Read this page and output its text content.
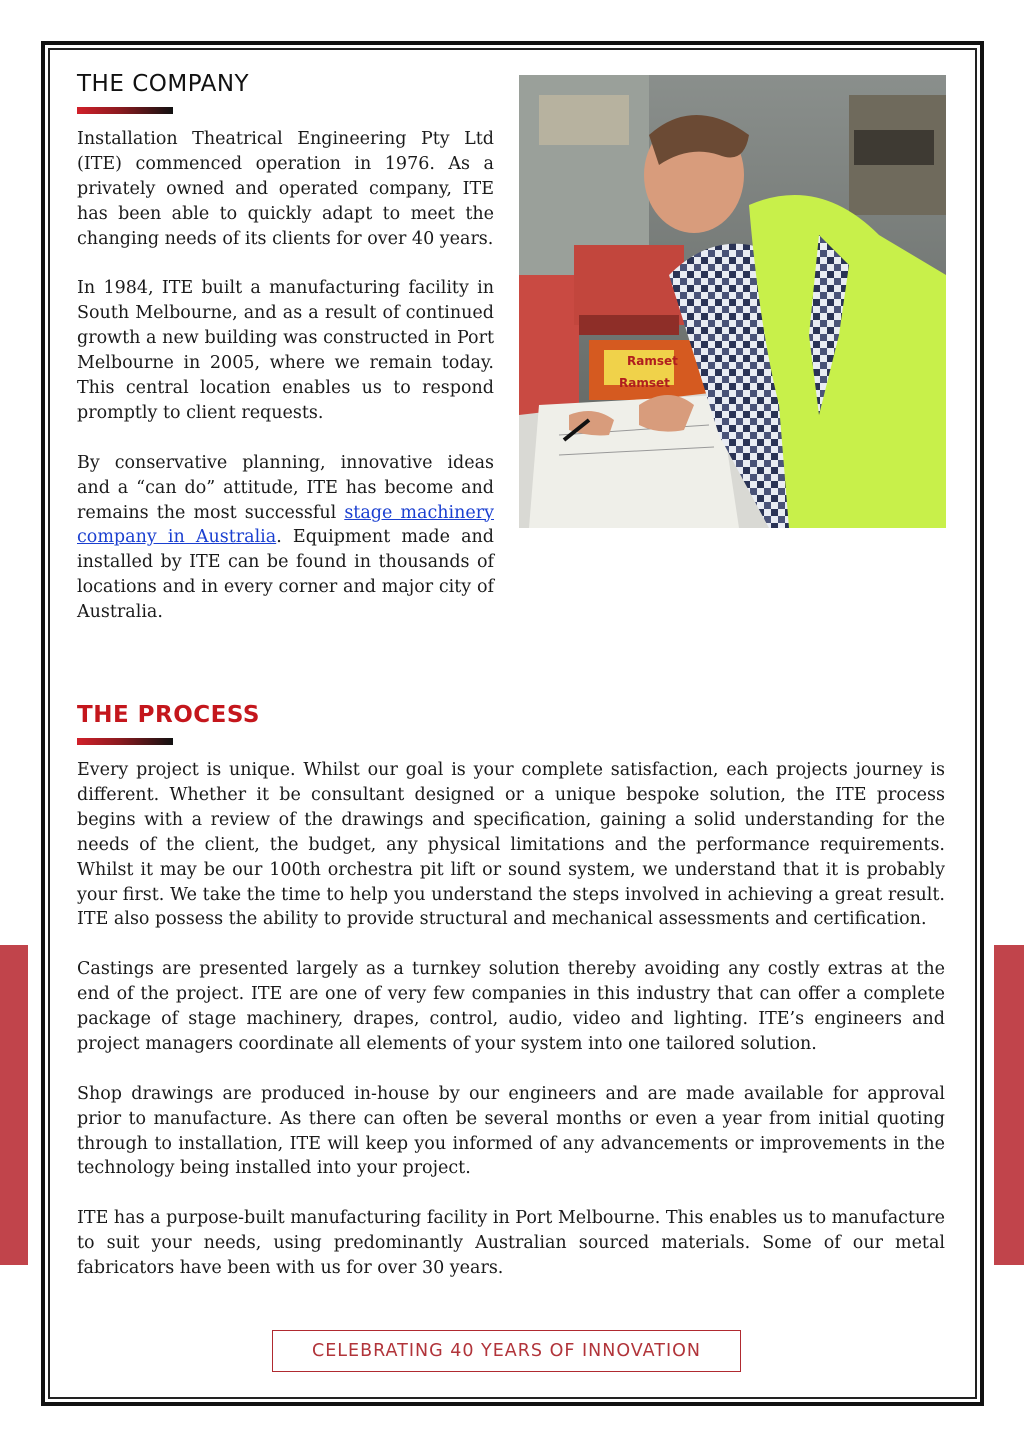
THE COMPANY

Installation Theatrical Engineering Pty Ltd (ITE) commenced operation in 1976. As a privately owned and operated company, ITE has been able to quickly adapt to meet the changing needs of its clients for over 40 years.

In 1984, ITE built a manufacturing facility in South Melbourne, and as a result of continued growth a new building was constructed in Port Melbourne in 2005, where we remain today. This central location enables us to respond promptly to client requests.

By conservative planning, innovative ideas and a “can do” attitude, ITE has become and remains the most successful stage machinery company in Australia. Equipment made and installed by ITE can be found in thousands of locations and in every corner and major city of Australia.

Ramset
Ramset
THE PROCESS

Every project is unique. Whilst our goal is your complete satisfaction, each projects journey is different. Whether it be consultant designed or a unique bespoke solution, the ITE process begins with a review of the drawings and specification, gaining a solid understanding for the needs of the client, the budget, any physical limitations and the performance requirements. Whilst it may be our 100th orchestra pit lift or sound system, we understand that it is probably your first. We take the time to help you understand the steps involved in achieving a great result. ITE also possess the ability to provide structural and mechanical assessments and certification.

Castings are presented largely as a turnkey solution thereby avoiding any costly extras at the end of the project. ITE are one of very few companies in this industry that can offer a complete package of stage machinery, drapes, control, audio, video and lighting. ITE’s engineers and project managers coordinate all elements of your system into one tailored solution.

Shop drawings are produced in-house by our engineers and are made available for approval prior to manufacture. As there can often be several months or even a year from initial quoting through to installation, ITE will keep you informed of any advancements or improvements in the technology being installed into your project.

ITE has a purpose-built manufacturing facility in Port Melbourne. This enables us to manufacture to suit your needs, using predominantly Australian sourced materials. Some of our metal fabricators have been with us for over 30 years.

CELEBRATING 40 YEARS OF INNOVATION
